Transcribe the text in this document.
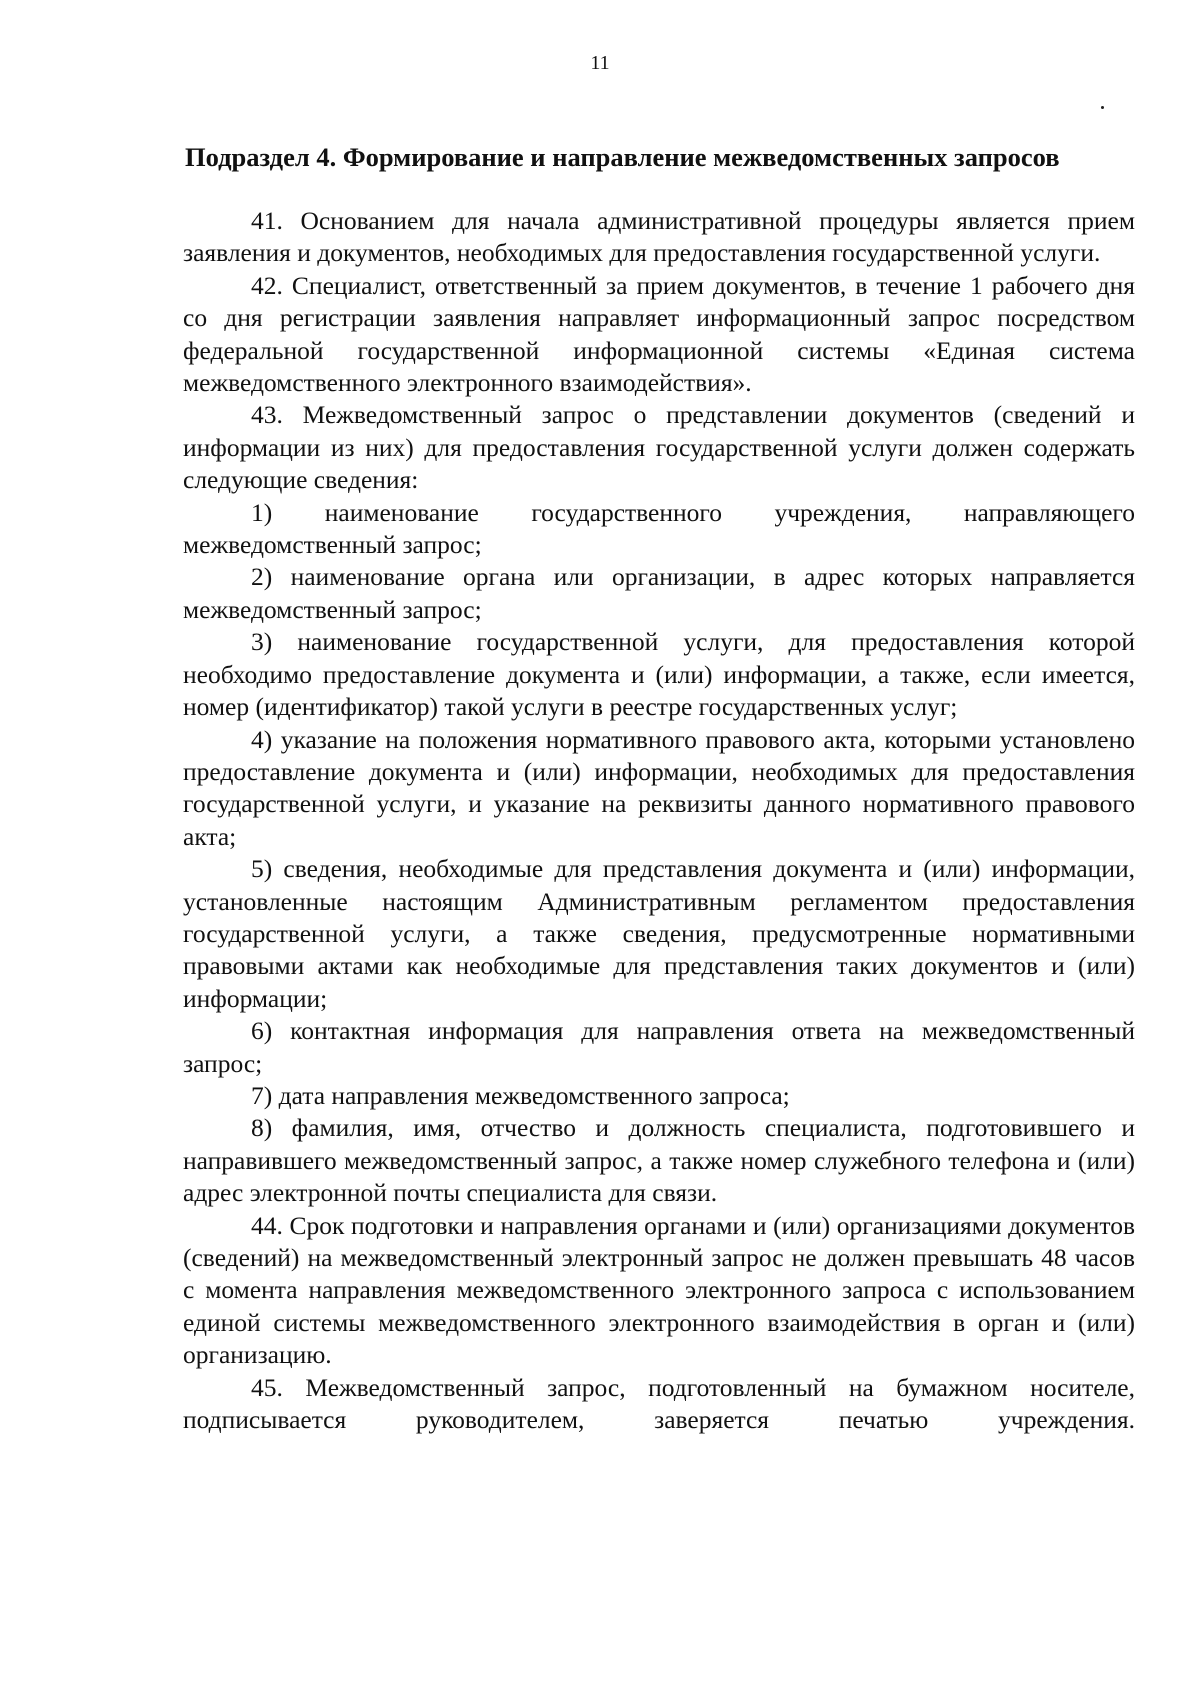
11
Подраздел 4. Формирование и направление межведомственных запросов

41. Основанием для начала административной процедуры является прием заявления и документов, необходимых для предоставления государственной услуги.

42. Специалист, ответственный за прием документов, в течение 1 рабочего дня со дня регистрации заявления направляет информационный запрос посредством федеральной государственной информационной системы «Единая система межведомственного электронного взаимодействия».

43. Межведомственный запрос о представлении документов (сведений и информации из них) для предоставления государственной услуги должен содержать следующие сведения:

1) наименование государственного учреждения, направляющего межведомственный запрос;

2) наименование органа или организации, в адрес которых направляется межведомственный запрос;

3) наименование государственной услуги, для предоставления которой необходимо предоставление документа и (или) информации, а также, если имеется, номер (идентификатор) такой услуги в реестре государственных услуг;

4) указание на положения нормативного правового акта, которыми установлено предоставление документа и (или) информации, необходимых для предоставления государственной услуги, и указание на реквизиты данного нормативного правового акта;

5) сведения, необходимые для представления документа и (или) информации, установленные настоящим Административным регламентом предоставления государственной услуги, а также сведения, предусмотренные нормативными правовыми актами как необходимые для представления таких документов и (или) информации;

6) контактная информация для направления ответа на межведомственный запрос;

7) дата направления межведомственного запроса;

8) фамилия, имя, отчество и должность специалиста, подготовившего и направившего межведомственный запрос, а также номер служебного телефона и (или) адрес электронной почты специалиста для связи.

44. Срок подготовки и направления органами и (или) организациями документов (сведений) на межведомственный электронный запрос не должен превышать 48 часов с момента направления межведомственного электронного запроса с использованием единой системы межведомственного электронного взаимодействия в орган и (или) организацию.

45. Межведомственный запрос, подготовленный на бумажном носителе, подписывается руководителем, заверяется печатью учреждения.
